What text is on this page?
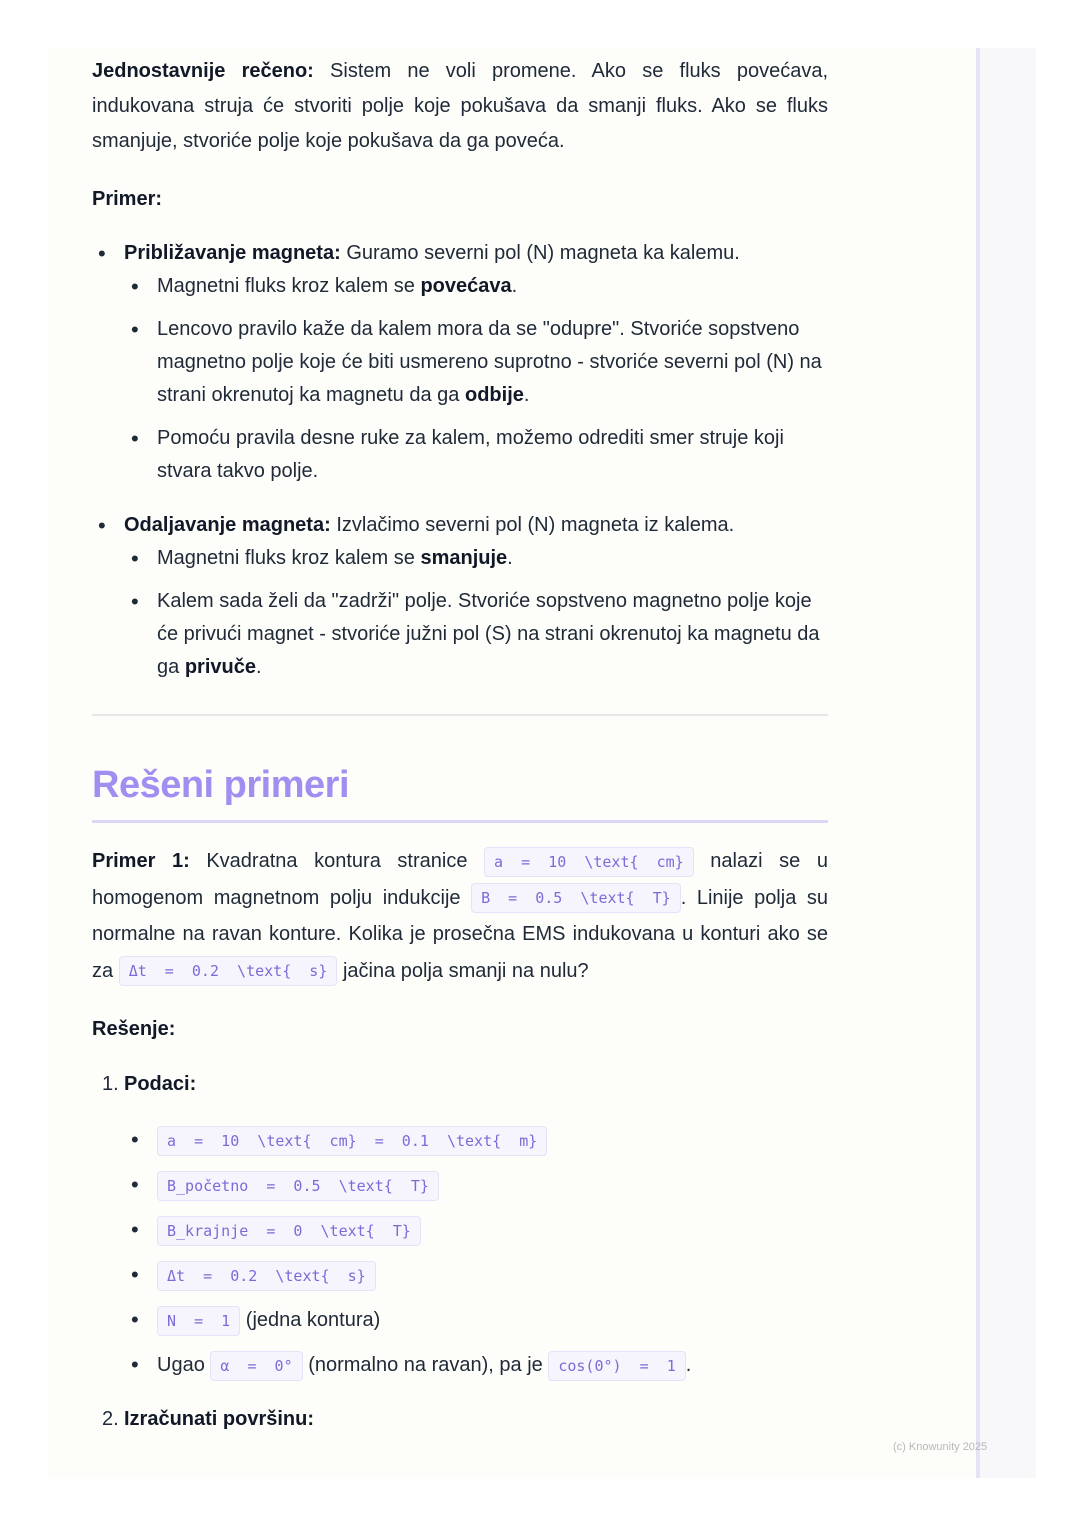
Jednostavnije rečeno: Sistem ne voli promene. Ako se fluks povećava, indukovana struja će stvoriti polje koje pokušava da smanji fluks. Ako se fluks smanjuje, stvoriće polje koje pokušava da ga poveća.

Primer:

• Približavanje magneta: Guramo severni pol (N) magneta ka kalemu.
• Magnetni fluks kroz kalem se povećava.
• Lencovo pravilo kaže da kalem mora da se "odupre". Stvoriće sopstveno magnetno polje koje će biti usmereno suprotno - stvoriće severni pol (N) na strani okrenutoj ka magnetu da ga odbije.
• Pomoću pravila desne ruke za kalem, možemo odrediti smer struje koji stvara takvo polje.
• Odaljavanje magneta: Izvlačimo severni pol (N) magneta iz kalema.
• Magnetni fluks kroz kalem se smanjuje.
• Kalem sada želi da "zadrži" polje. Stvoriće sopstveno magnetno polje koje će privući magnet - stvoriće južni pol (S) na strani okrenutoj ka magnetu da ga privuče.
Rešeni primeri

Primer 1: Kvadratna kontura stranice a  =  10  \text{  cm} nalazi se u homogenom magnetnom polju indukcije B  =  0.5  \text{  T} . Linije polja su normalne na ravan konture. Kolika je prosečna EMS indukovana u konturi ako se za Δt  =  0.2  \text{  s} jačina polja smanji na nulu?

Rešenje:

1. Podaci:
• a  =  10  \text{  cm}  =  0.1  \text{  m}
• B_početno  =  0.5  \text{  T}
• B_krajnje  =  0  \text{  T}
• Δt  =  0.2  \text{  s}
• N  =  1 (jedna kontura)
• Ugao α  =  0° (normalno na ravan), pa je cos(0°)  =  1 .
2. Izračunati površinu:
(c) Knowunity 2025
